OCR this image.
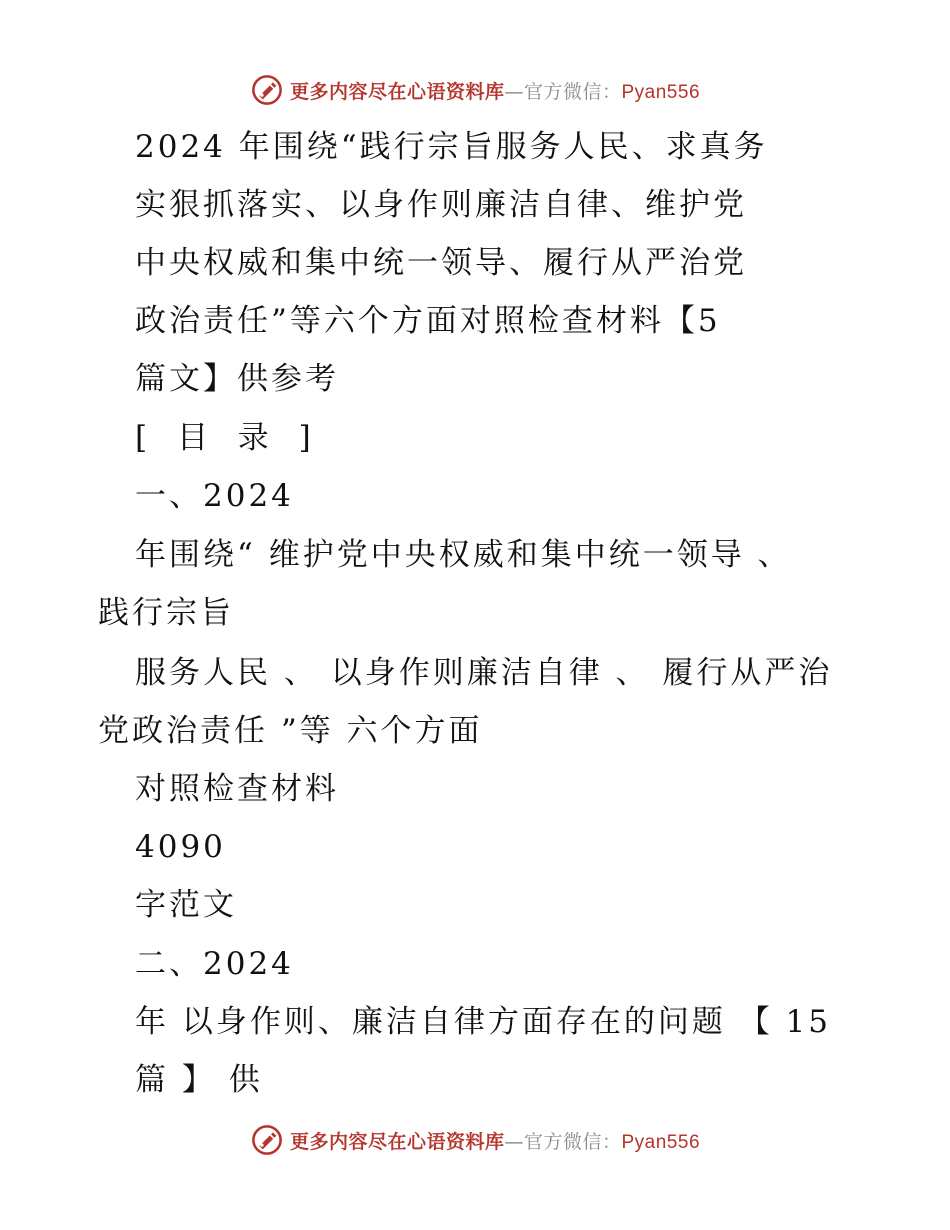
更多内容尽在心语资料库—官方微信：Pyan556
2024 年围绕“践行宗旨服务人民、求真务
实狠抓落实、以身作则廉洁自律、维护党
中央权威和集中统一领导、履行从严治党
政治责任”等六个方面对照检查材料【5
篇文】供参考
[ 目 录 ]
一、2024
年围绕“ 维护党中央权威和集中统一领导 、
践行宗旨
服务人民 、 以身作则廉洁自律 、 履行从严治
党政治责任 ”等 六个方面
对照检查材料
4090
字范文
二、2024
年 以身作则、廉洁自律方面存在的问题 【 15
篇 】 供
更多内容尽在心语资料库—官方微信：Pyan556
